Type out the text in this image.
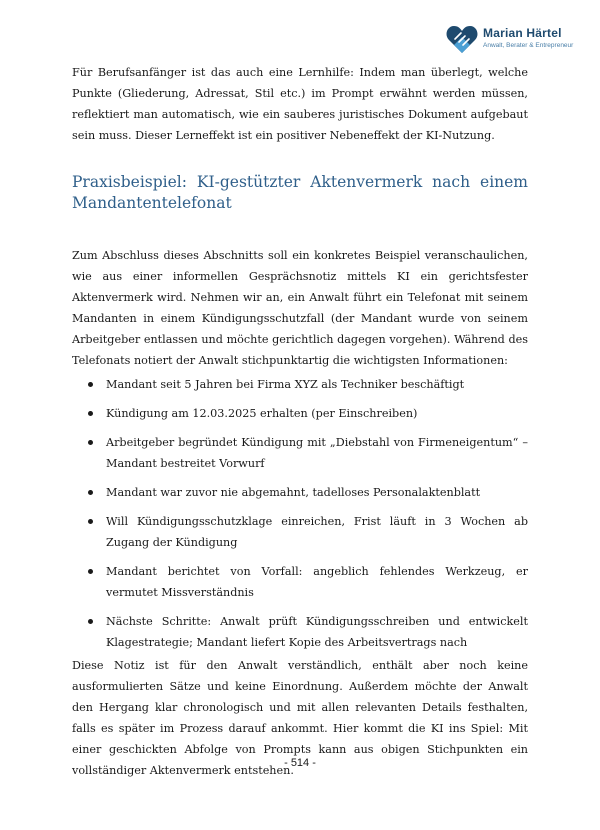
Marian Härtel
Anwalt, Berater & Entrepreneur

Für Berufsanfänger ist das auch eine Lernhilfe: Indem man überlegt, welche Punkte (Gliederung, Adressat, Stil etc.) im Prompt erwähnt werden müssen, reflektiert man automatisch, wie ein sauberes juristisches Dokument aufgebaut sein muss. Dieser Lerneffekt ist ein positiver Nebeneffekt der KI-Nutzung.

Praxisbeispiel: KI-gestützter Aktenvermerk nach einem Mandantentelefonat

Zum Abschluss dieses Abschnitts soll ein konkretes Beispiel veranschaulichen, wie aus einer informellen Gesprächsnotiz mittels KI ein gerichtsfester Aktenvermerk wird. Nehmen wir an, ein Anwalt führt ein Telefonat mit seinem Mandanten in einem Kündigungsschutzfall (der Mandant wurde von seinem Arbeitgeber entlassen und möchte gerichtlich dagegen vorgehen). Während des Telefonats notiert der Anwalt stichpunktartig die wichtigsten Informationen:

Mandant seit 5 Jahren bei Firma XYZ als Techniker beschäftigt
Kündigung am 12.03.2025 erhalten (per Einschreiben)
Arbeitgeber begründet Kündigung mit „Diebstahl von Firmeneigentum“ – Mandant bestreitet Vorwurf
Mandant war zuvor nie abgemahnt, tadelloses Personalaktenblatt
Will Kündigungsschutzklage einreichen, Frist läuft in 3 Wochen ab Zugang der Kündigung
Mandant berichtet von Vorfall: angeblich fehlendes Werkzeug, er vermutet Missverständnis
Nächste Schritte: Anwalt prüft Kündigungsschreiben und entwickelt Klagestrategie; Mandant liefert Kopie des Arbeitsvertrags nach

Diese Notiz ist für den Anwalt verständlich, enthält aber noch keine ausformulierten Sätze und keine Einordnung. Außerdem möchte der Anwalt den Hergang klar chronologisch und mit allen relevanten Details festhalten, falls es später im Prozess darauf ankommt. Hier kommt die KI ins Spiel: Mit einer geschickten Abfolge von Prompts kann aus obigen Stichpunkten ein vollständiger Aktenvermerk entstehen.

- 514 -
